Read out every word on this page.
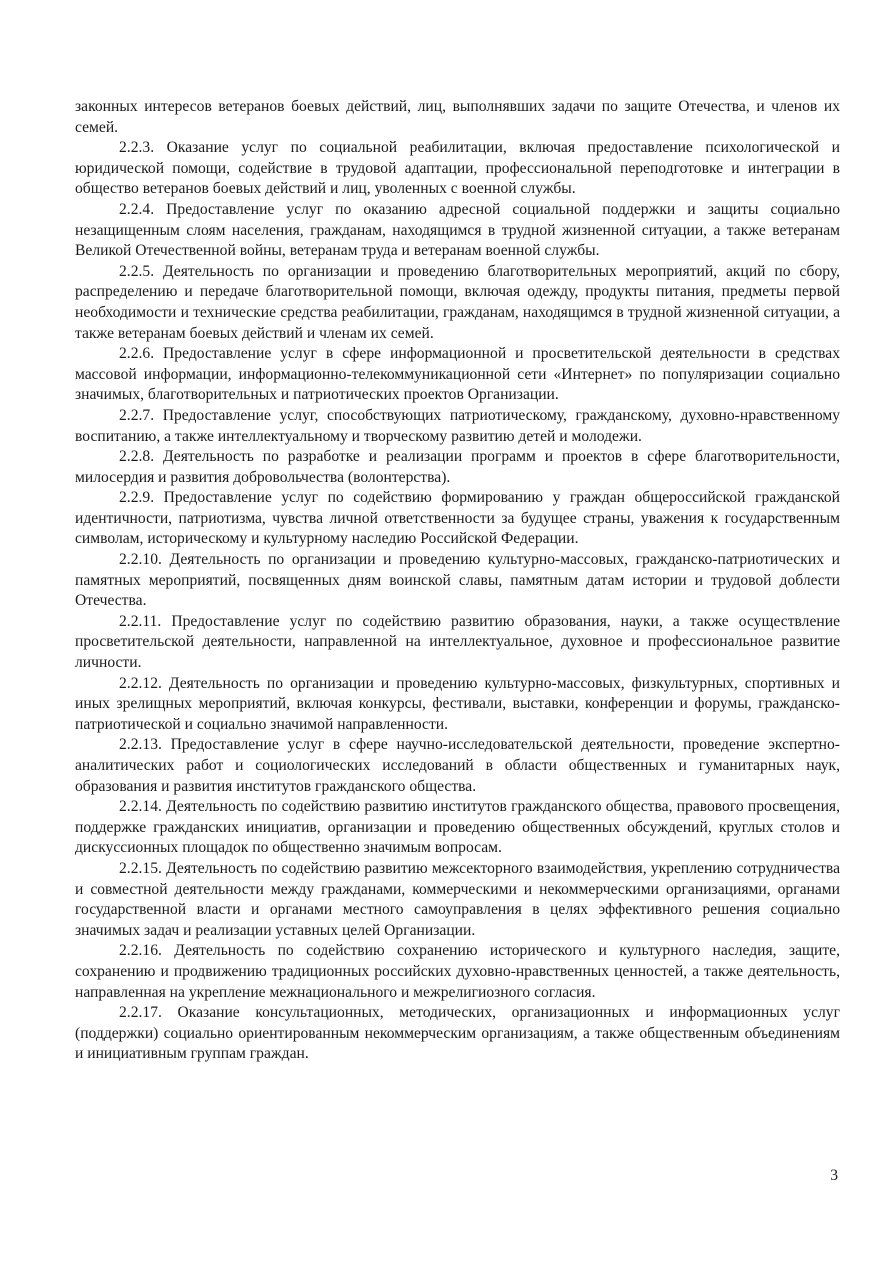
законных интересов ветеранов боевых действий, лиц, выполнявших задачи по защите Отечества, и членов их семей.

2.2.3. Оказание услуг по социальной реабилитации, включая предоставление психологической и юридической помощи, содействие в трудовой адаптации, профессиональной переподготовке и интеграции в общество ветеранов боевых действий и лиц, уволенных с военной службы.

2.2.4. Предоставление услуг по оказанию адресной социальной поддержки и защиты социально незащищенным слоям населения, гражданам, находящимся в трудной жизненной ситуации, а также ветеранам Великой Отечественной войны, ветеранам труда и ветеранам военной службы.

2.2.5. Деятельность по организации и проведению благотворительных мероприятий, акций по сбору, распределению и передаче благотворительной помощи, включая одежду, продукты питания, предметы первой необходимости и технические средства реабилитации, гражданам, находящимся в трудной жизненной ситуации, а также ветеранам боевых действий и членам их семей.

2.2.6. Предоставление услуг в сфере информационной и просветительской деятельности в средствах массовой информации, информационно-телекоммуникационной сети «Интернет» по популяризации социально значимых, благотворительных и патриотических проектов Организации.

2.2.7. Предоставление услуг, способствующих патриотическому, гражданскому, духовно-нравственному воспитанию, а также интеллектуальному и творческому развитию детей и молодежи.

2.2.8. Деятельность по разработке и реализации программ и проектов в сфере благотворительности, милосердия и развития добровольчества (волонтерства).

2.2.9. Предоставление услуг по содействию формированию у граждан общероссийской гражданской идентичности, патриотизма, чувства личной ответственности за будущее страны, уважения к государственным символам, историческому и культурному наследию Российской Федерации.

2.2.10. Деятельность по организации и проведению культурно-массовых, гражданско-патриотических и памятных мероприятий, посвященных дням воинской славы, памятным датам истории и трудовой доблести Отечества.

2.2.11. Предоставление услуг по содействию развитию образования, науки, а также осуществление просветительской деятельности, направленной на интеллектуальное, духовное и профессиональное развитие личности.

2.2.12. Деятельность по организации и проведению культурно-массовых, физкультурных, спортивных и иных зрелищных мероприятий, включая конкурсы, фестивали, выставки, конференции и форумы, гражданско-патриотической и социально значимой направленности.

2.2.13. Предоставление услуг в сфере научно-исследовательской деятельности, проведение экспертно-аналитических работ и социологических исследований в области общественных и гуманитарных наук, образования и развития институтов гражданского общества.

2.2.14. Деятельность по содействию развитию институтов гражданского общества, правового просвещения, поддержке гражданских инициатив, организации и проведению общественных обсуждений, круглых столов и дискуссионных площадок по общественно значимым вопросам.

2.2.15. Деятельность по содействию развитию межсекторного взаимодействия, укреплению сотрудничества и совместной деятельности между гражданами, коммерческими и некоммерческими организациями, органами государственной власти и органами местного самоуправления в целях эффективного решения социально значимых задач и реализации уставных целей Организации.

2.2.16. Деятельность по содействию сохранению исторического и культурного наследия, защите, сохранению и продвижению традиционных российских духовно-нравственных ценностей, а также деятельность, направленная на укрепление межнационального и межрелигиозного согласия.

2.2.17. Оказание консультационных, методических, организационных и информационных услуг (поддержки) социально ориентированным некоммерческим организациям, а также общественным объединениям и инициативным группам граждан.

3
